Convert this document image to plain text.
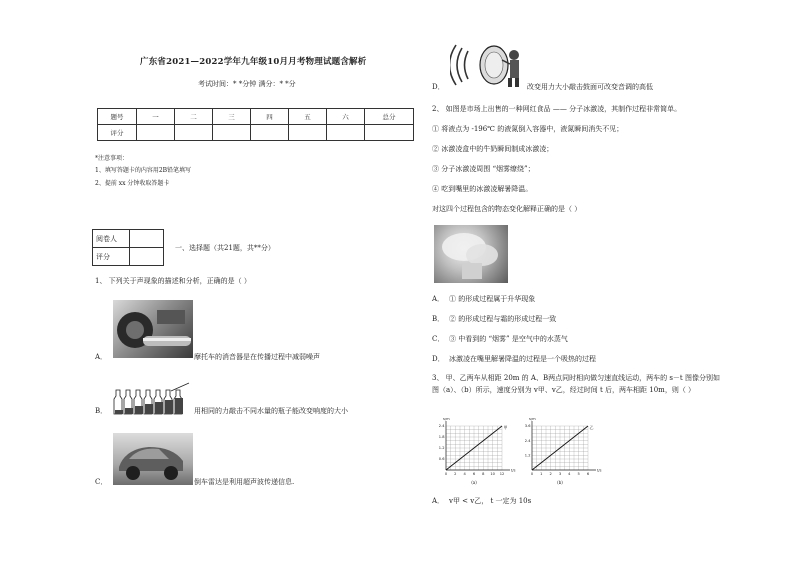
广东省2021—2022学年九年级10月月考物理试题含解析
考试时间：* *分钟 满分：* *分
题号	一	二	三	四	五	六	总分
评分							
*注意事项：
1、填写答题卡的内容用2B铅笔填写
2、提前 xx 分钟收取答题卡
阅卷人	
评分	
一、选择题（共21题，共**分）
1、 下列关于声现象的描述和分析，正确的是（ ）
A．	摩托车的消音器是在传播过程中减弱噪声
B．	用相同的力敲击不同水量的瓶子能改变响度的大小
C．	倒车雷达是利用超声波传递信息.
D．	改变用力大小敲击鼓面可改变音调的高低
2、 如图是市场上出售的一种网红食品 —— 分子冰激凌，其制作过程非常简单。
① 将液点为 -196℃ 的液氮倒入容器中，液氮瞬间消失不见；
② 冰激凌盒中的牛奶瞬间制成冰激凌；
③ 分子冰激凌周围 “烟雾缭绕”；
④ 吃到嘴里的冰激凌解暑降温。
对这四个过程包含的物态变化解释正确的是（ ）
A． ① 的形成过程属于升华现象
B． ② 的形成过程与霜的形成过程一致
C． ③ 中看到的 “烟雾” 是空气中的水蒸气
D． 冰激凌在嘴里解暑降温的过程是一个吸热的过程
3、 甲、乙两车从相距 20m 的 A、B两点同时相向做匀速直线运动，两车的 s－t 图像分别如
图（a）、（b）所示，速度分别为 v甲、v乙，经过时间 t 后，两车相距 10m，则（ ）
0 2 4 6 8 10 12
0.6
1.2
1.8
2.4
s/m
t/s
甲
(a)
0 1 2 3 4 5 6
1.2
2.4
3.6
s/m
t/s
乙
(b)
A． v甲 < v乙， t 一定为 10s
